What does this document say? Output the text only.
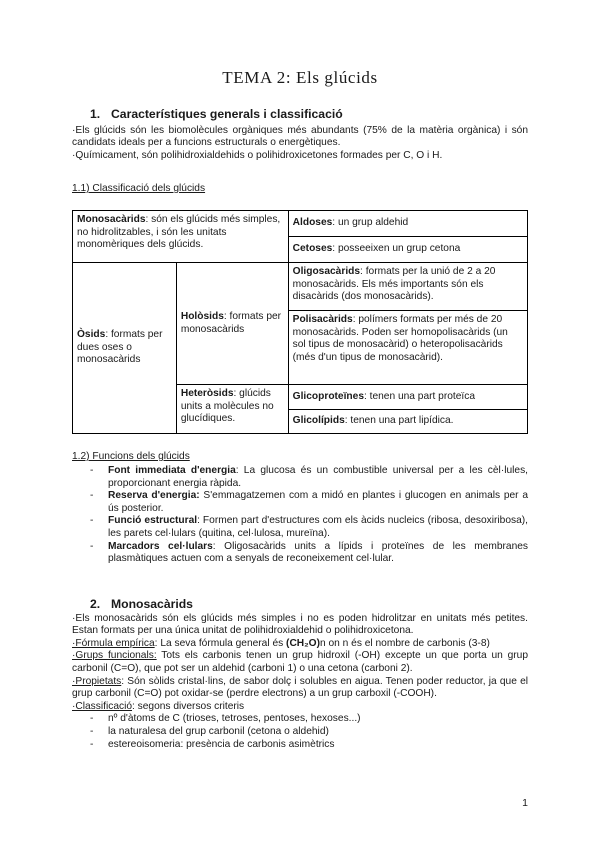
TEMA 2: Els glúcids
1. Característiques generals i classificació

·Els glúcids són les biomolècules orgàniques més abundants (75% de la matèria orgànica) i són candidats ideals per a funcions estructurals o energètiques.

·Químicament, són polihidroxialdehids o polihidroxicetones formades per C, O i H.

1.1) Classificació dels glúcids
Monosacàrids: són els glúcids més simples, no hidrolitzables, i són les unitats monomèriques dels glúcids.		Aldoses: un grup aldehid
		Cetoses: posseeixen un grup cetona
Òsids: formats per dues oses o monosacàrids	Holòsids: formats per monosacàrids	Oligosacàrids: formats per la unió de 2 a 20 monosacàrids. Els més importants són els disacàrids (dos monosacàrids).
		Polisacàrids: polímers formats per més de 20 monosacàrids. Poden ser homopolisacàrids (un sol tipus de monosacàrid) o heteropolisacàrids (més d'un tipus de monosacàrid).
	Heteròsids: glúcids units a molècules no glucídiques.	Glicoproteïnes: tenen una part proteïca
		Glicolípids: tenen una part lipídica.
1.2) Funcions dels glúcids
- Font immediata d'energia: La glucosa és un combustible universal per a les cèl·lules, proporcionant energia ràpida.
- Reserva d'energia: S'emmagatzemen com a midó en plantes i glucogen en animals per a ús posterior.
- Funció estructural: Formen part d'estructures com els àcids nucleics (ribosa, desoxiribosa), les parets cel·lulars (quitina, cel·lulosa, mureïna).
- Marcadors cel·lulars: Oligosacàrids units a lípids i proteïnes de les membranes plasmàtiques actuen com a senyals de reconeixement cel·lular.
2. Monosacàrids

·Els monosacàrids són els glúcids més simples i no es poden hidrolitzar en unitats més petites. Estan formats per una única unitat de polihidroxialdehid o polihidroxicetona.

·Fórmula empírica: La seva fórmula general és (CH₂O)n on n és el nombre de carbonis (3-8)

·Grups funcionals: Tots els carbonis tenen un grup hidroxil (-OH) excepte un que porta un grup carbonil (C=O), que pot ser un aldehid (carboni 1) o una cetona (carboni 2).

·Propietats: Són sòlids cristal·lins, de sabor dolç i solubles en aigua. Tenen poder reductor, ja que el grup carbonil (C=O) pot oxidar-se (perdre electrons) a un grup carboxil (-COOH).

·Classificació: segons diversos criteris

- nº d'àtoms de C (trioses, tetroses, pentoses, hexoses...)
- la naturalesa del grup carbonil (cetona o aldehid)
- estereoisomeria: presència de carbonis asimètrics
1
